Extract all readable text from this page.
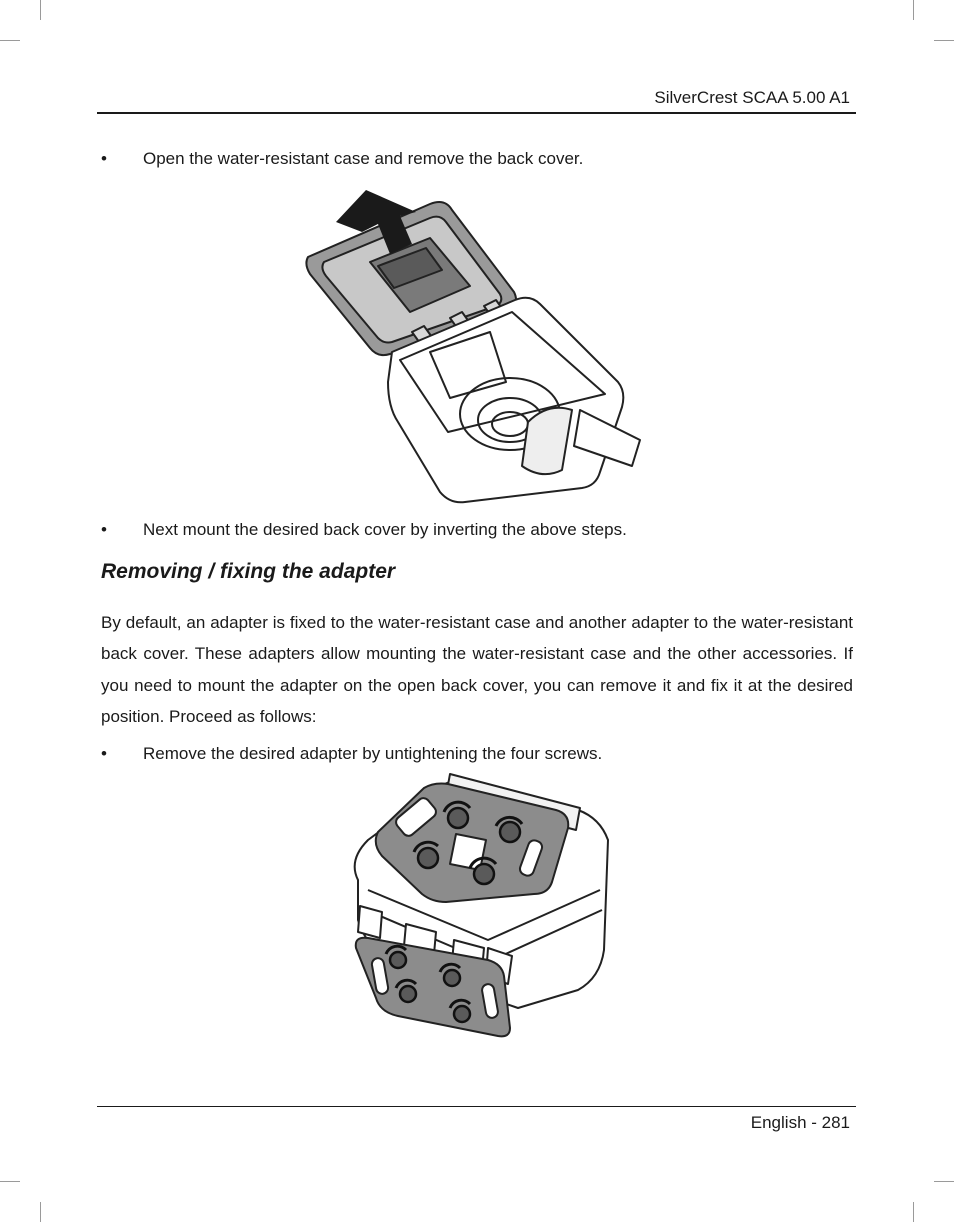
SilverCrest SCAA 5.00 A1
•	Open the water-resistant case and remove the back cover.
•	Next mount the desired back cover by inverting the above steps.
Removing / fixing the adapter

By default, an adapter is fixed to the water-resistant case and another adapter to the water-resistant back cover. These adapters allow mounting the water-resistant case and the other accessories. If you need to mount the adapter on the open back cover, you can remove it and fix it at the desired position. Proceed as follows:

•	Remove the desired adapter by untightening the four screws.
English - 281
